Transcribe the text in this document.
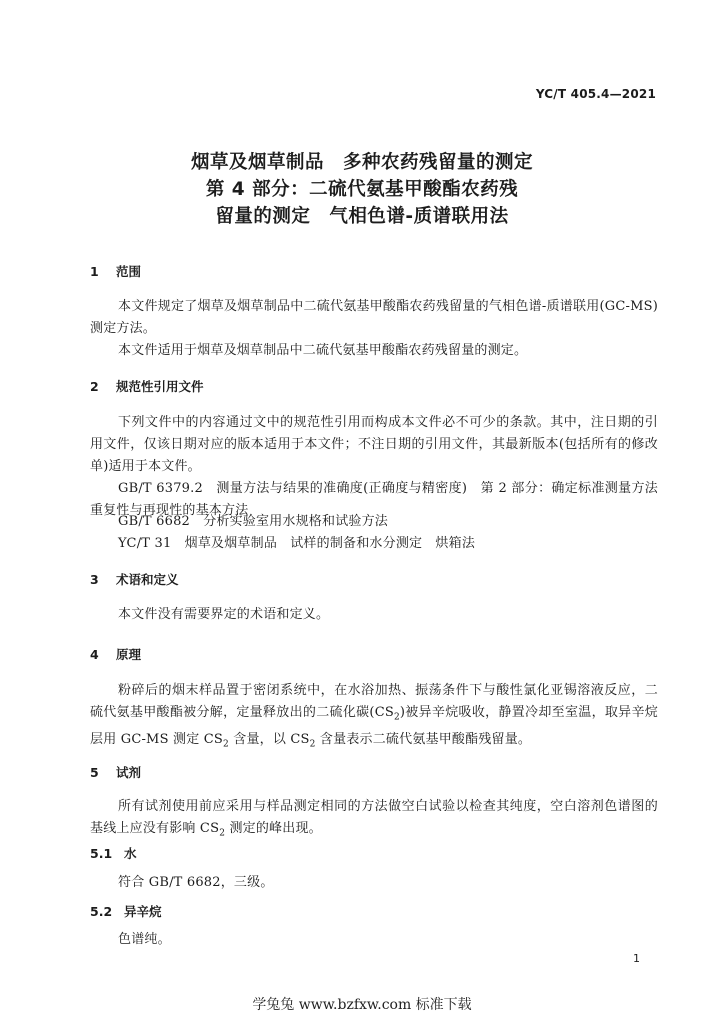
YC/T 405.4—2021
烟草及烟草制品　多种农药残留量的测定
第 4 部分：二硫代氨基甲酸酯农药残
留量的测定　气相色谱-质谱联用法
1 范围
本文件规定了烟草及烟草制品中二硫代氨基甲酸酯农药残留量的气相色谱-质谱联用(GC-MS)测定方法。
本文件适用于烟草及烟草制品中二硫代氨基甲酸酯农药残留量的测定。
2 规范性引用文件
下列文件中的内容通过文中的规范性引用而构成本文件必不可少的条款。其中，注日期的引用文件，仅该日期对应的版本适用于本文件；不注日期的引用文件，其最新版本(包括所有的修改单)适用于本文件。
GB/T 6379.2　测量方法与结果的准确度(正确度与精密度)　第 2 部分：确定标准测量方法重复性与再现性的基本方法
GB/T 6682　分析实验室用水规格和试验方法
YC/T 31　烟草及烟草制品　试样的制备和水分测定　烘箱法
3 术语和定义
本文件没有需要界定的术语和定义。
4 原理
粉碎后的烟末样品置于密闭系统中，在水浴加热、振荡条件下与酸性氯化亚锡溶液反应，二硫代氨基甲酸酯被分解，定量释放出的二硫化碳$(CS_2)$被异辛烷吸收，静置冷却至室温，取异辛烷层用 GC-MS 测定 $CS_2$ 含量，以 $CS_2$ 含量表示二硫代氨基甲酸酯残留量。
5 试剂
所有试剂使用前应采用与样品测定相同的方法做空白试验以检查其纯度，空白溶剂色谱图的基线上应没有影响 $CS_2$ 测定的峰出现。
5.1 水
符合 GB/T 6682，三级。
5.2 异辛烷
色谱纯。
1
学兔兔 www.bzfxw.com 标准下载
